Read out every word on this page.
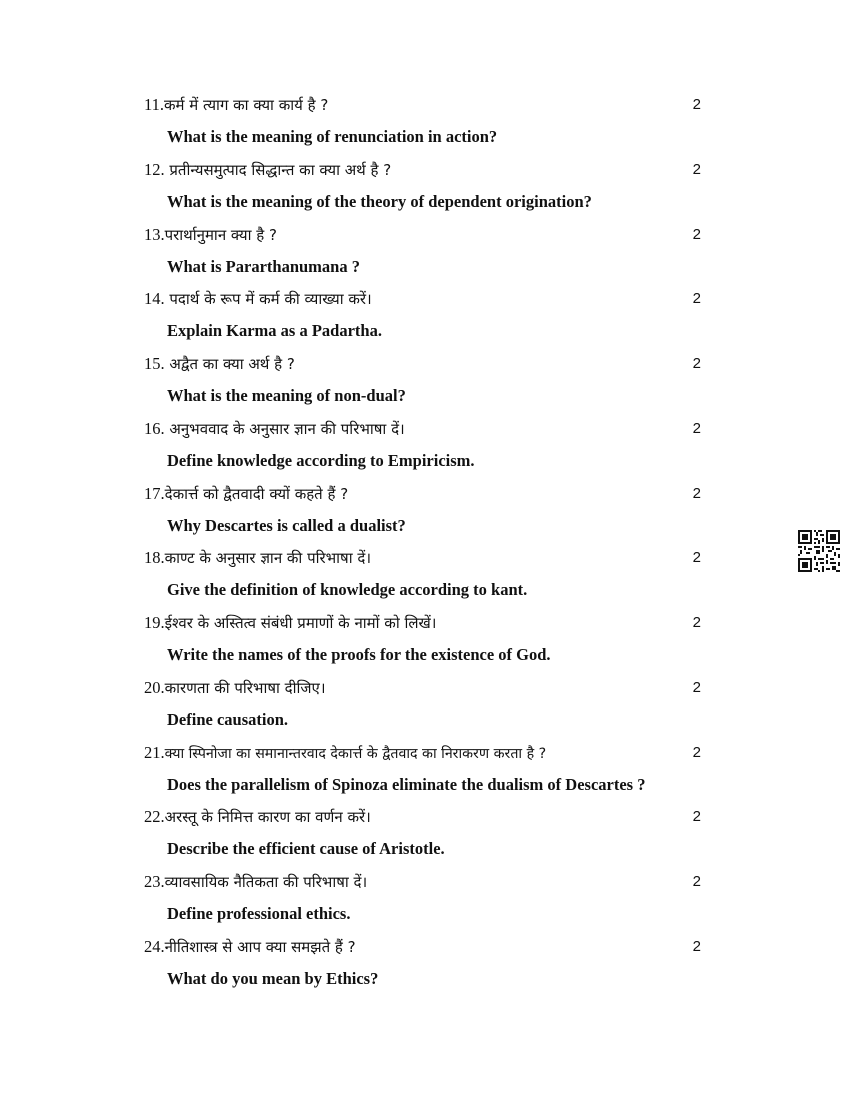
11.कर्म में त्याग का क्या कार्य है ?	2
What is the meaning of renunciation in action?
12. प्रतीन्यसमुत्पाद सिद्धान्त का क्या अर्थ है ?	2
What is the meaning of the theory of dependent origination?
13.परार्थानुमान क्या है ?	2
What is Pararthanumana ?
14. पदार्थ के रूप में कर्म की व्याख्या करें।	2
Explain Karma as a Padartha.
15. अद्वैत का क्या अर्थ है ?	2
What is the meaning of non-dual?
16. अनुभववाद के अनुसार ज्ञान की परिभाषा दें।	2
Define knowledge according to Empiricism.
17.देकार्त्त को द्वैतवादी क्यों कहते हैं ?	2
Why Descartes is called a dualist?
18.काण्ट के अनुसार ज्ञान की परिभाषा दें।	2
Give the definition of knowledge according to kant.
19.ईश्वर के अस्तित्व संबंधी प्रमाणों के नामों को लिखें।	2
Write the names of the proofs for the existence of God.
20.कारणता की परिभाषा दीजिए।	2
Define causation.
21.क्या स्पिनोजा का समानान्तरवाद देकार्त्त के द्वैतवाद का निराकरण करता है ?	2
Does the parallelism of Spinoza eliminate the dualism of Descartes ?
22.अरस्तू के निमित्त कारण का वर्णन करें।	2
Describe the efficient cause of Aristotle.
23.व्यावसायिक नैतिकता की परिभाषा दें।	2
Define professional ethics.
24.नीतिशास्त्र से आप क्या समझते हैं ?	2
What do you mean by Ethics?
